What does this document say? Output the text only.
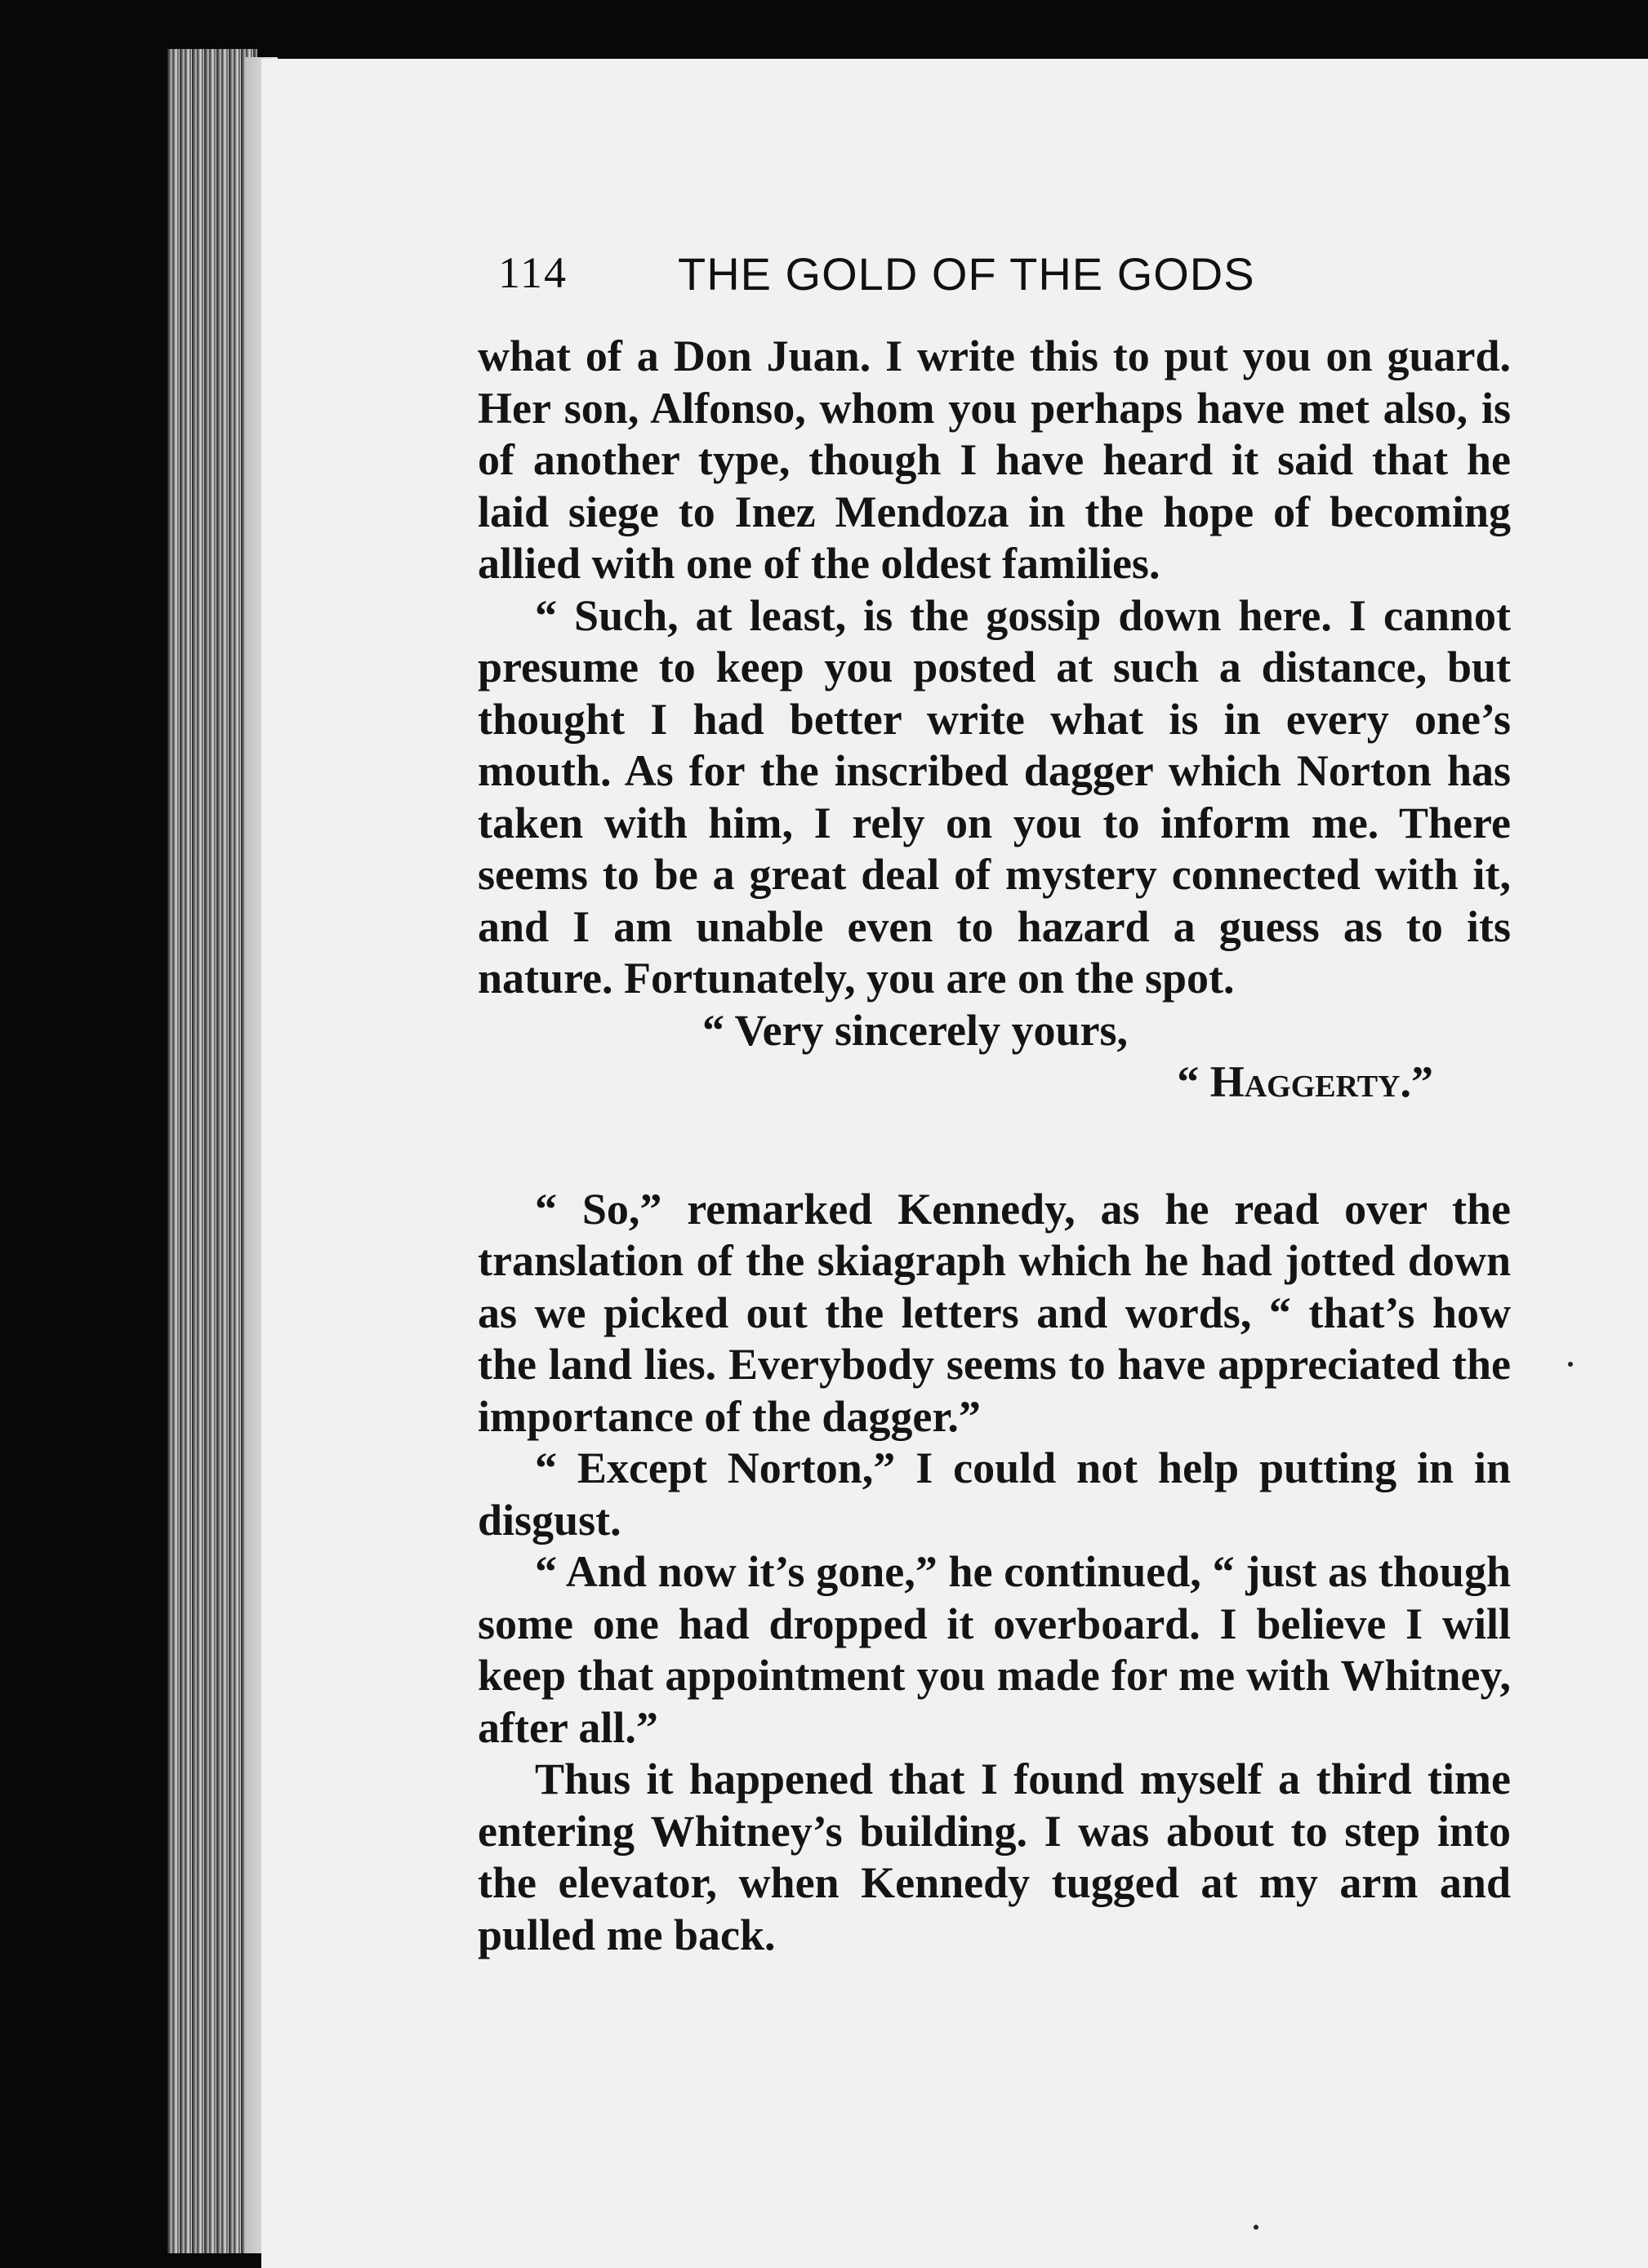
114 THE GOLD OF THE GODS

what of a Don Juan. I write this to put you on guard. Her son, Alfonso, whom you perhaps have met also, is of another type, though I have heard it said that he laid siege to Inez Mendoza in the hope of becoming allied with one of the oldest families.

“ Such, at least, is the gossip down here. I cannot presume to keep you posted at such a distance, but thought I had better write what is in every one’s mouth. As for the inscribed dagger which Norton has taken with him, I rely on you to inform me. There seems to be a great deal of mystery connected with it, and I am unable even to hazard a guess as to its nature. Fortunately, you are on the spot.

“ Very sincerely yours,

“ Haggerty.”

“ So,” remarked Kennedy, as he read over the translation of the skiagraph which he had jotted down as we picked out the letters and words, “ that’s how the land lies. Everybody seems to have appreciated the importance of the dagger.”

“ Except Norton,” I could not help putting in in disgust.

“ And now it’s gone,” he continued, “ just as though some one had dropped it overboard. I believe I will keep that appointment you made for me with Whitney, after all.”

Thus it happened that I found myself a third time entering Whitney’s building. I was about to step into the elevator, when Kennedy tugged at my arm and pulled me back.
